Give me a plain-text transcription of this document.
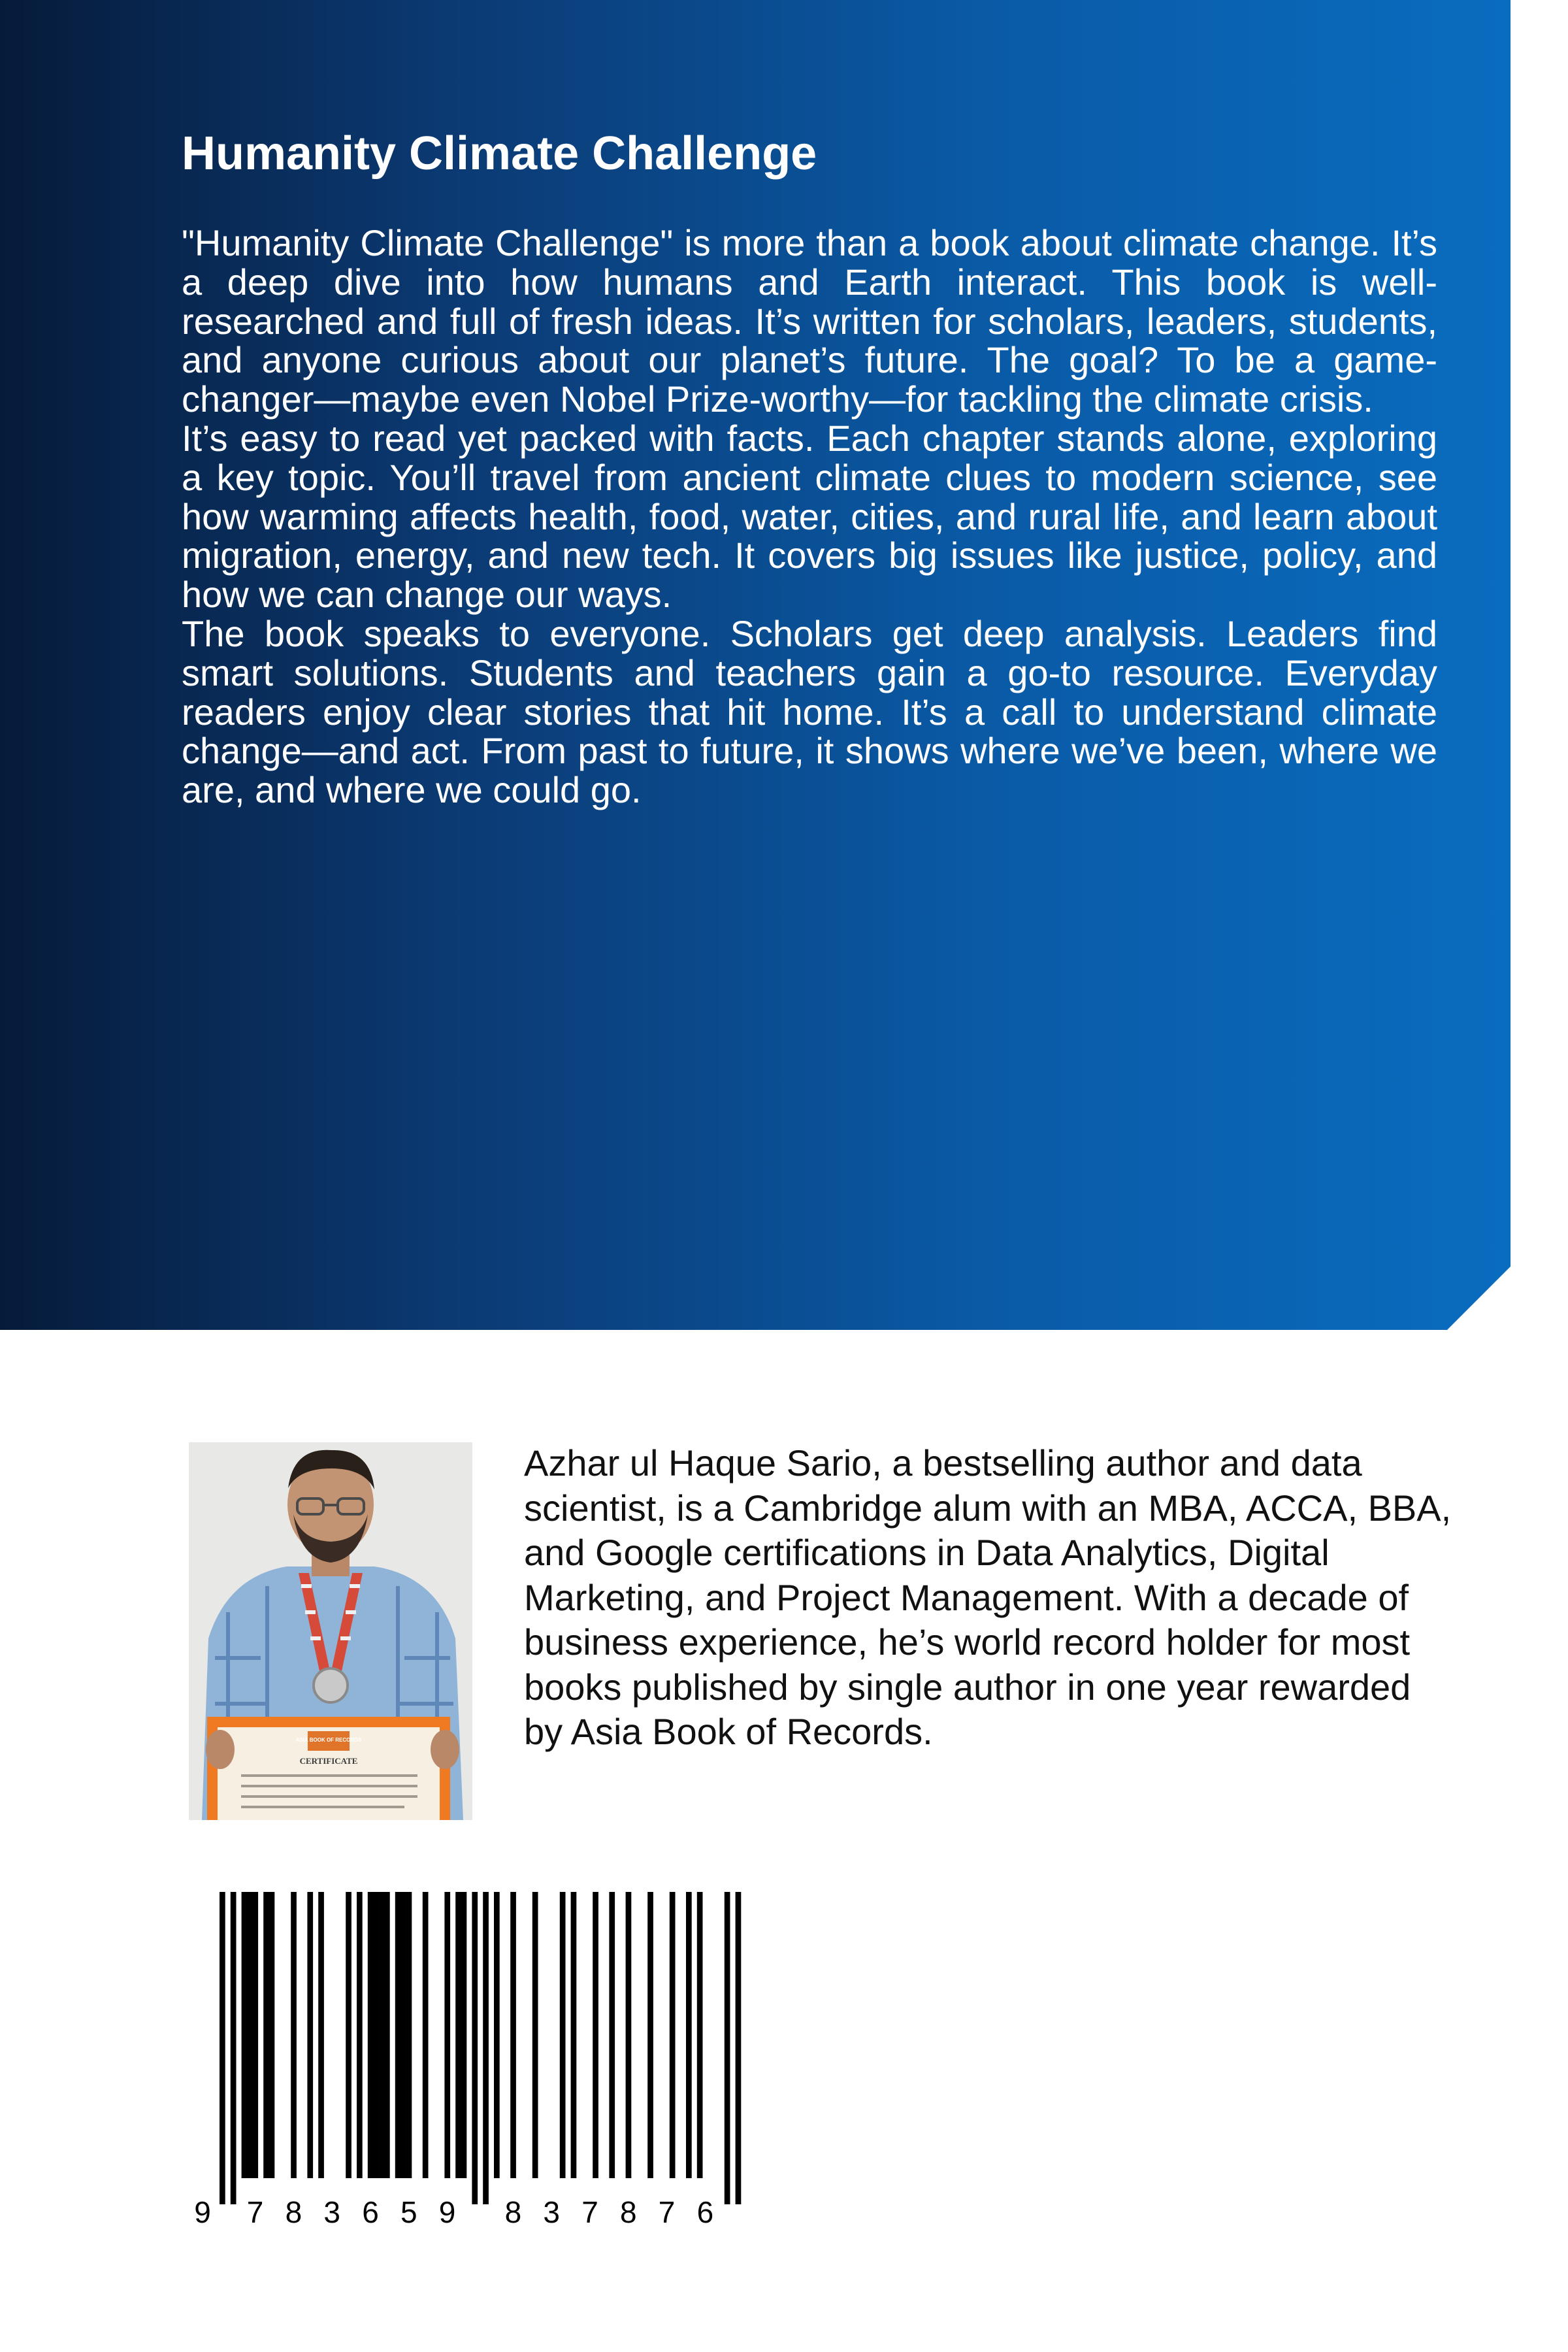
Humanity Climate Challenge

"Humanity Climate Challenge" is more than a book about climate change. It’s a deep dive into how humans and Earth interact. This book is well-researched and full of fresh ideas. It’s written for scholars, leaders, students, and anyone curious about our planet’s future. The goal? To be a game-changer—maybe even Nobel Prize-worthy—for tackling the climate crisis.

It’s easy to read yet packed with facts. Each chapter stands alone, exploring a key topic. You’ll travel from ancient climate clues to modern science, see how warming affects health, food, water, cities, and rural life, and learn about migration, energy, and new tech. It covers big issues like justice, policy, and how we can change our ways.

The book speaks to everyone. Scholars get deep analysis. Leaders find smart solutions. Students and teachers gain a go-to resource. Everyday readers enjoy clear stories that hit home. It’s a call to understand climate change—and act. From past to future, it shows where we’ve been, where we are, and where we could go.

ASIA BOOK OF RECORDS
CERTIFICATE

Azhar ul Haque Sario, a bestselling author and data scientist, is a Cambridge alum with an MBA, ACCA, BBA, and Google certifications in Data Analytics, Digital Marketing, and Project Management. With a decade of business experience, he’s world record holder for most books published by single author in one year rewarded by Asia Book of Records.

9 7 8 3 6 5 9 8 3 7 8 7 6
